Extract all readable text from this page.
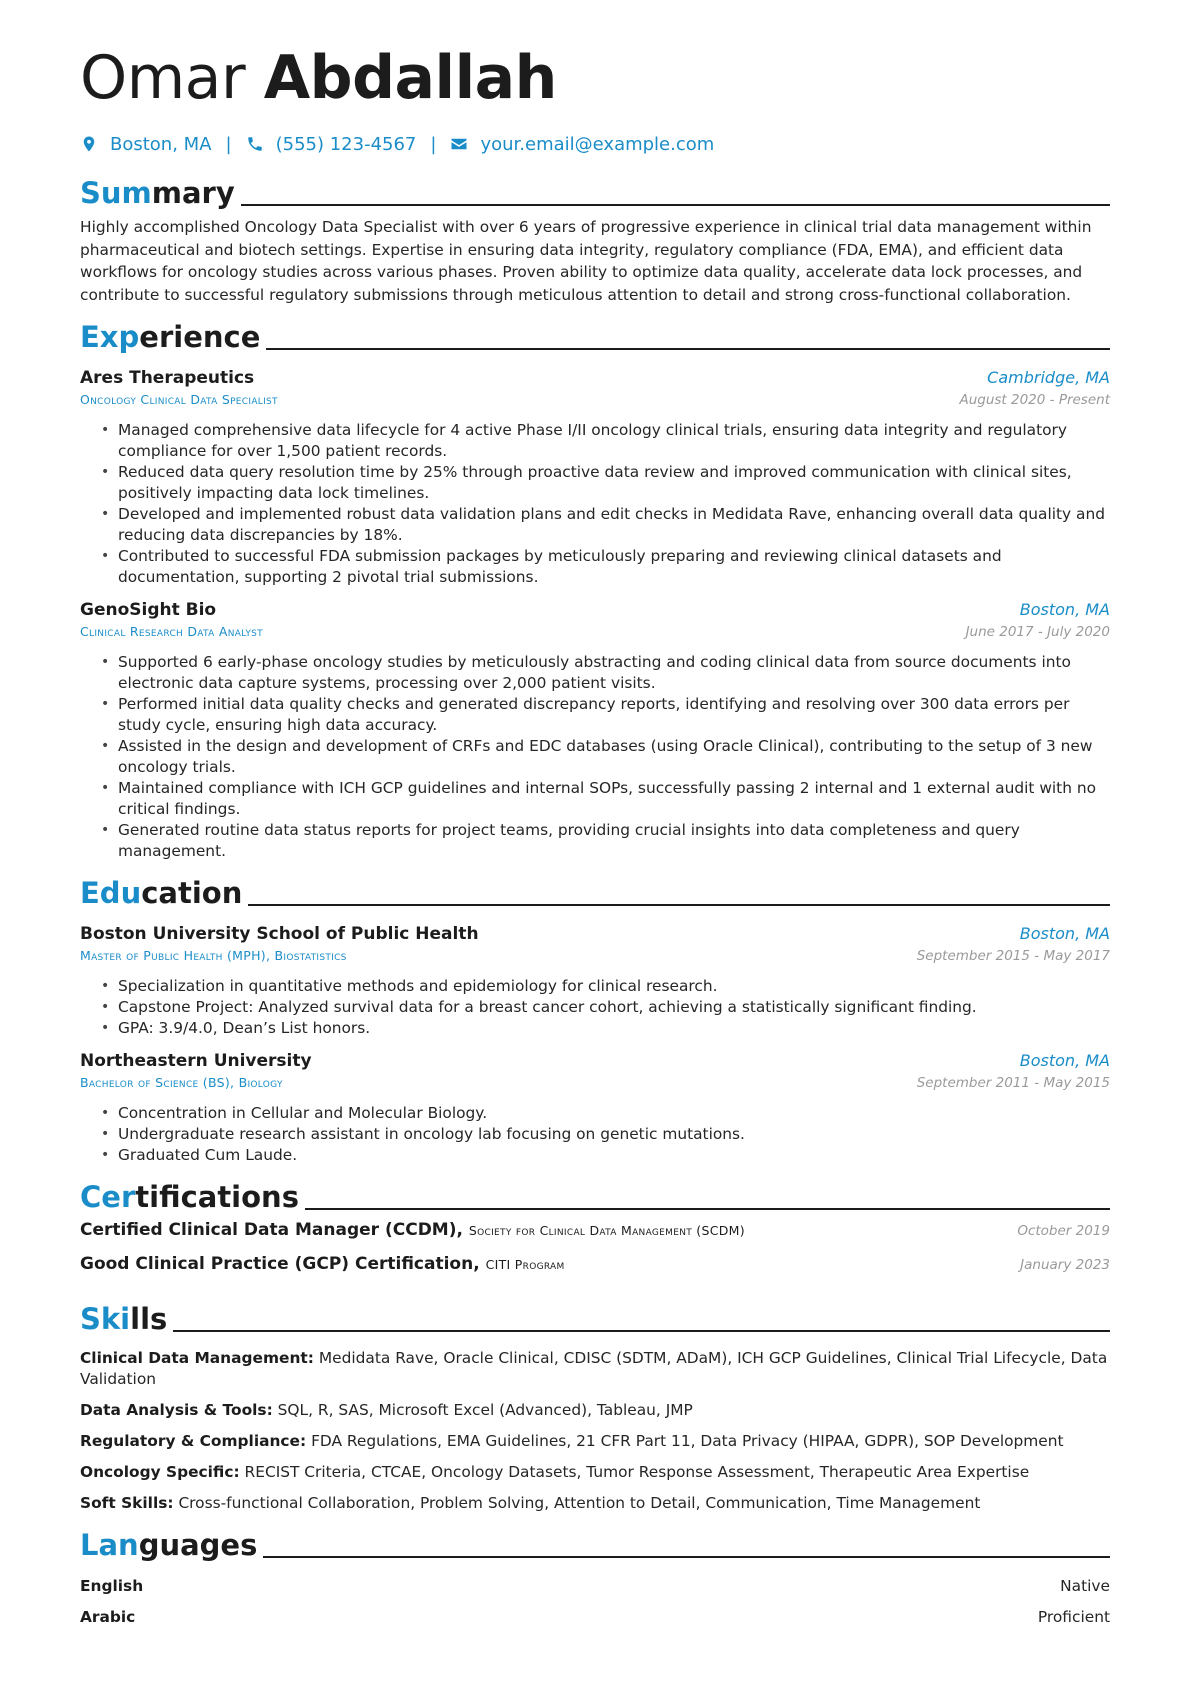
Omar Abdallah
Boston, MA | (555) 123-4567 | your.email@example.com
Summary

Highly accomplished Oncology Data Specialist with over 6 years of progressive experience in clinical trial data management within pharmaceutical and biotech settings. Expertise in ensuring data integrity, regulatory compliance (FDA, EMA), and efficient data workflows for oncology studies across various phases. Proven ability to optimize data quality, accelerate data lock processes, and contribute to successful regulatory submissions through meticulous attention to detail and strong cross-functional collaboration.

Experience
Ares Therapeutics	Cambridge, MA
Oncology Clinical Data Specialist	August 2020 - Present
• Managed comprehensive data lifecycle for 4 active Phase I/II oncology clinical trials, ensuring data integrity and regulatory compliance for over 1,500 patient records.
• Reduced data query resolution time by 25% through proactive data review and improved communication with clinical sites, positively impacting data lock timelines.
• Developed and implemented robust data validation plans and edit checks in Medidata Rave, enhancing overall data quality and reducing data discrepancies by 18%.
• Contributed to successful FDA submission packages by meticulously preparing and reviewing clinical datasets and documentation, supporting 2 pivotal trial submissions.
GenoSight Bio	Boston, MA
Clinical Research Data Analyst	June 2017 - July 2020
• Supported 6 early-phase oncology studies by meticulously abstracting and coding clinical data from source documents into electronic data capture systems, processing over 2,000 patient visits.
• Performed initial data quality checks and generated discrepancy reports, identifying and resolving over 300 data errors per study cycle, ensuring high data accuracy.
• Assisted in the design and development of CRFs and EDC databases (using Oracle Clinical), contributing to the setup of 3 new oncology trials.
• Maintained compliance with ICH GCP guidelines and internal SOPs, successfully passing 2 internal and 1 external audit with no critical findings.
• Generated routine data status reports for project teams, providing crucial insights into data completeness and query management.
Education
Boston University School of Public Health	Boston, MA
Master of Public Health (MPH), Biostatistics	September 2015 - May 2017
• Specialization in quantitative methods and epidemiology for clinical research.
• Capstone Project: Analyzed survival data for a breast cancer cohort, achieving a statistically significant finding.
• GPA: 3.9/4.0, Dean’s List honors.
Northeastern University	Boston, MA
Bachelor of Science (BS), Biology	September 2011 - May 2015
• Concentration in Cellular and Molecular Biology.
• Undergraduate research assistant in oncology lab focusing on genetic mutations.
• Graduated Cum Laude.
Certifications
Certified Clinical Data Manager (CCDM), Society for Clinical Data Management (SCDM)	October 2019
Good Clinical Practice (GCP) Certification, CITI Program	January 2023
Skills
Clinical Data Management: Medidata Rave, Oracle Clinical, CDISC (SDTM, ADaM), ICH GCP Guidelines, Clinical Trial Lifecycle, Data Validation
Data Analysis & Tools: SQL, R, SAS, Microsoft Excel (Advanced), Tableau, JMP
Regulatory & Compliance: FDA Regulations, EMA Guidelines, 21 CFR Part 11, Data Privacy (HIPAA, GDPR), SOP Development
Oncology Specific: RECIST Criteria, CTCAE, Oncology Datasets, Tumor Response Assessment, Therapeutic Area Expertise
Soft Skills: Cross-functional Collaboration, Problem Solving, Attention to Detail, Communication, Time Management
Languages
English	Native
Arabic	Proficient
